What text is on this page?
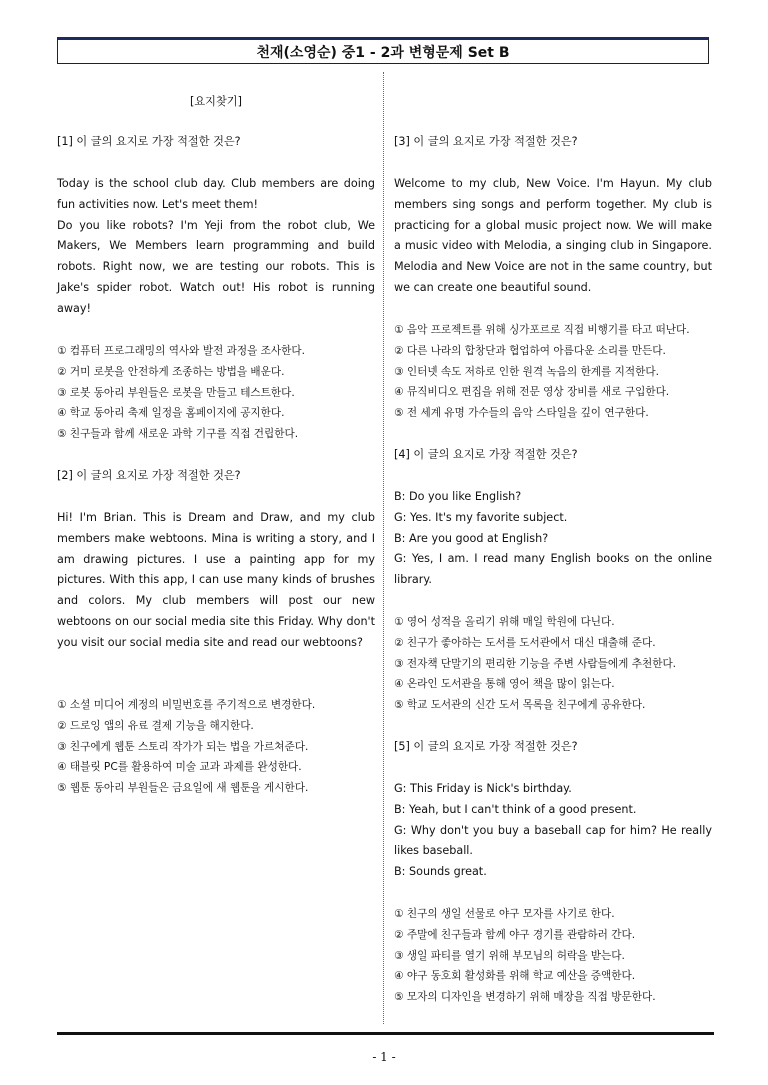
천재(소영순) 중1 - 2과 변형문제 Set B

[요지찾기]

[1] 이 글의 요지로 가장 적절한 것은?

Today is the school club day. Club members are doing fun activities now. Let's meet them!

Do you like robots? I'm Yeji from the robot club, We Makers, We Members learn programming and build robots. Right now, we are testing our robots. This is Jake's spider robot. Watch out! His robot is running away!

① 컴퓨터 프로그래밍의 역사와 발전 과정을 조사한다.

② 거미 로봇을 안전하게 조종하는 방법을 배운다.

③ 로봇 동아리 부원들은 로봇을 만들고 테스트한다.

④ 학교 동아리 축제 일정을 홈페이지에 공지한다.

⑤ 친구들과 함께 새로운 과학 기구를 직접 건립한다.

[2] 이 글의 요지로 가장 적절한 것은?

Hi! I'm Brian. This is Dream and Draw, and my club members make webtoons. Mina is writing a story, and I am drawing pictures. I use a painting app for my pictures. With this app, I can use many kinds of brushes and colors. My club members will post our new webtoons on our social media site this Friday. Why don't you visit our social media site and read our webtoons?

① 소셜 미디어 계정의 비밀번호를 주기적으로 변경한다.

② 드로잉 앱의 유료 결제 기능을 해지한다.

③ 친구에게 웹툰 스토리 작가가 되는 법을 가르쳐준다.

④ 태블릿 PC를 활용하여 미술 교과 과제를 완성한다.

⑤ 웹툰 동아리 부원들은 금요일에 새 웹툰을 게시한다.

[3] 이 글의 요지로 가장 적절한 것은?

Welcome to my club, New Voice. I'm Hayun. My club members sing songs and perform together. My club is practicing for a global music project now. We will make a music video with Melodia, a singing club in Singapore. Melodia and New Voice are not in the same country, but we can create one beautiful sound.

① 음악 프로젝트를 위해 싱가포르로 직접 비행기를 타고 떠난다.

② 다른 나라의 합창단과 협업하여 아름다운 소리를 만든다.

③ 인터넷 속도 저하로 인한 원격 녹음의 한계를 지적한다.

④ 뮤직비디오 편집을 위해 전문 영상 장비를 새로 구입한다.

⑤ 전 세계 유명 가수들의 음악 스타일을 깊이 연구한다.

[4] 이 글의 요지로 가장 적절한 것은?

B: Do you like English?

G: Yes. It's my favorite subject.

B: Are you good at English?

G: Yes, I am. I read many English books on the online library.

① 영어 성적을 올리기 위해 매일 학원에 다닌다.

② 친구가 좋아하는 도서를 도서관에서 대신 대출해 준다.

③ 전자책 단말기의 편리한 기능을 주변 사람들에게 추천한다.

④ 온라인 도서관을 통해 영어 책을 많이 읽는다.

⑤ 학교 도서관의 신간 도서 목록을 친구에게 공유한다.

[5] 이 글의 요지로 가장 적절한 것은?

G: This Friday is Nick's birthday.

B: Yeah, but I can't think of a good present.

G: Why don't you buy a baseball cap for him? He really likes baseball.

B: Sounds great.

① 친구의 생일 선물로 야구 모자를 사기로 한다.

② 주말에 친구들과 함께 야구 경기를 관람하러 간다.

③ 생일 파티를 열기 위해 부모님의 허락을 받는다.

④ 야구 동호회 활성화를 위해 학교 예산을 증액한다.

⑤ 모자의 디자인을 변경하기 위해 매장을 직접 방문한다.

- 1 -
